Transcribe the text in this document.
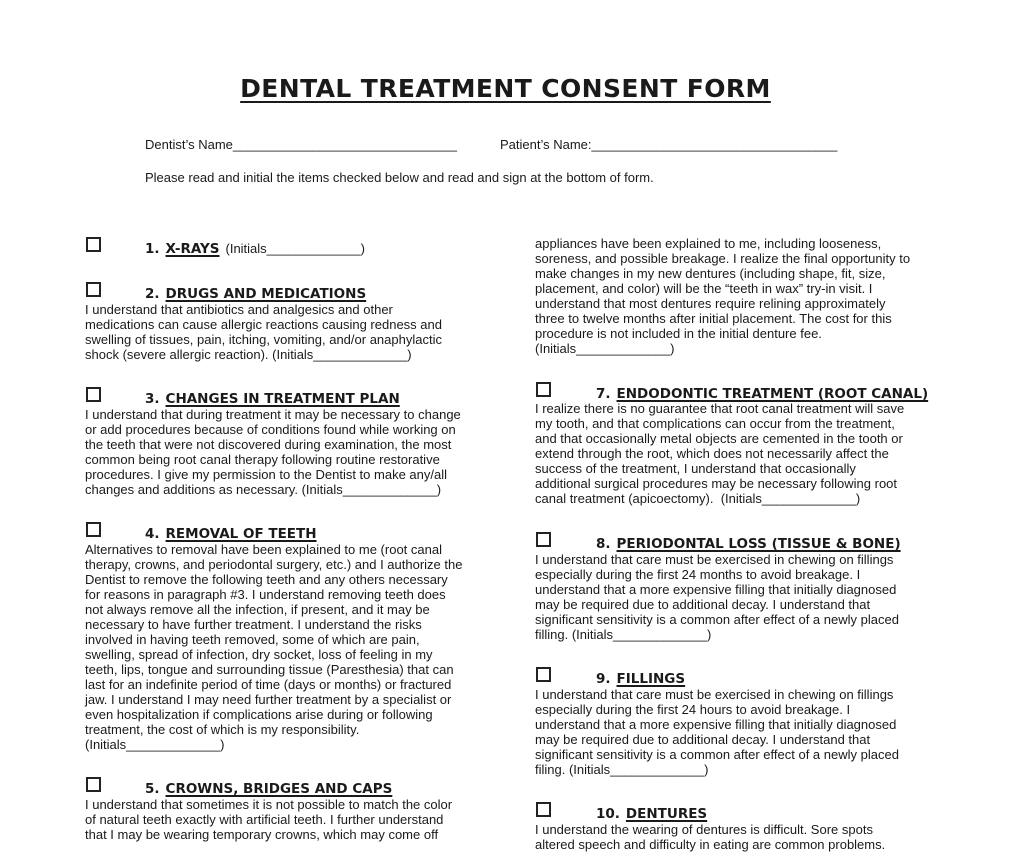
DENTAL TREATMENT CONSENT FORM
Dentist’s Name_______________________________	Patient’s Name:__________________________________
Please read and initial the items checked below and read and sign at the bottom of form.
1. X-RAYS (Initials_____________)
2. DRUGS AND MEDICATIONS
I understand that antibiotics and analgesics and other
medications can cause allergic reactions causing redness and
swelling of tissues, pain, itching, vomiting, and/or anaphylactic
shock (severe allergic reaction). (Initials_____________)
3. CHANGES IN TREATMENT PLAN
I understand that during treatment it may be necessary to change
or add procedures because of conditions found while working on
the teeth that were not discovered during examination, the most
common being root canal therapy following routine restorative
procedures. I give my permission to the Dentist to make any/all
changes and additions as necessary. (Initials_____________)
4. REMOVAL OF TEETH
Alternatives to removal have been explained to me (root canal
therapy, crowns, and periodontal surgery, etc.) and I authorize the
Dentist to remove the following teeth and any others necessary
for reasons in paragraph #3. I understand removing teeth does
not always remove all the infection, if present, and it may be
necessary to have further treatment. I understand the risks
involved in having teeth removed, some of which are pain,
swelling, spread of infection, dry socket, loss of feeling in my
teeth, lips, tongue and surrounding tissue (Paresthesia) that can
last for an indefinite period of time (days or months) or fractured
jaw. I understand I may need further treatment by a specialist or
even hospitalization if complications arise during or following
treatment, the cost of which is my responsibility.
(Initials_____________)
5. CROWNS, BRIDGES AND CAPS
I understand that sometimes it is not possible to match the color
of natural teeth exactly with artificial teeth. I further understand
that I may be wearing temporary crowns, which may come off
appliances have been explained to me, including looseness,
soreness, and possible breakage. I realize the final opportunity to
make changes in my new dentures (including shape, fit, size,
placement, and color) will be the “teeth in wax” try-in visit. I
understand that most dentures require relining approximately
three to twelve months after initial placement. The cost for this
procedure is not included in the initial denture fee.
(Initials_____________)
7. ENDODONTIC TREATMENT (ROOT CANAL)
I realize there is no guarantee that root canal treatment will save
my tooth, and that complications can occur from the treatment,
and that occasionally metal objects are cemented in the tooth or
extend through the root, which does not necessarily affect the
success of the treatment, I understand that occasionally
additional surgical procedures may be necessary following root
canal treatment (apicoectomy).  (Initials_____________)
8. PERIODONTAL LOSS (TISSUE & BONE)
I understand that care must be exercised in chewing on fillings
especially during the first 24 months to avoid breakage. I
understand that a more expensive filling that initially diagnosed
may be required due to additional decay. I understand that
significant sensitivity is a common after effect of a newly placed
filling. (Initials_____________)
9. FILLINGS
I understand that care must be exercised in chewing on fillings
especially during the first 24 hours to avoid breakage. I
understand that a more expensive filling that initially diagnosed
may be required due to additional decay. I understand that
significant sensitivity is a common after effect of a newly placed
filing. (Initials_____________)
10. DENTURES
I understand the wearing of dentures is difficult. Sore spots
altered speech and difficulty in eating are common problems.
